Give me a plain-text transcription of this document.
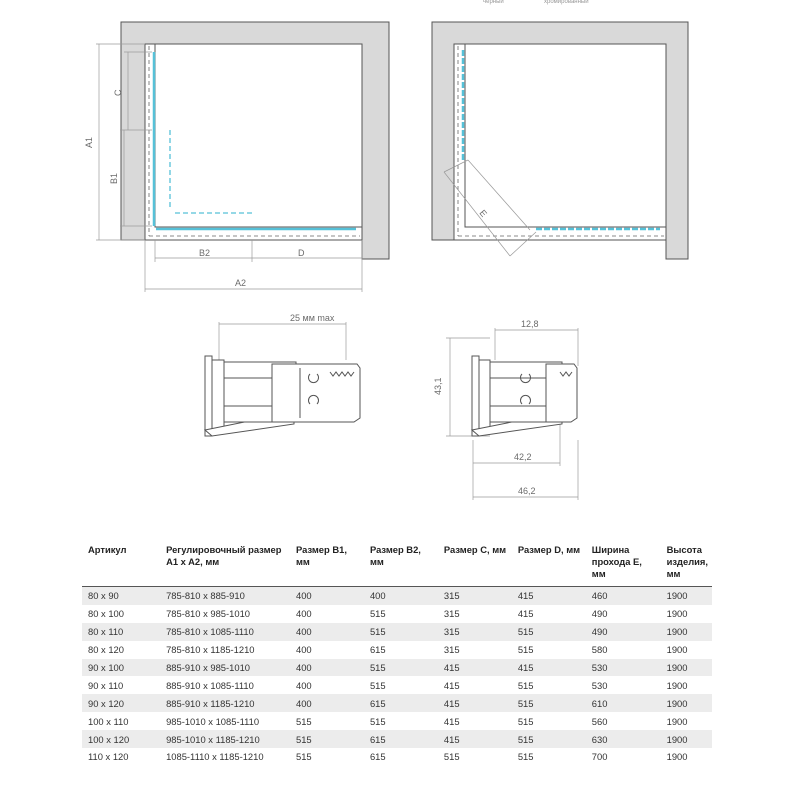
черный	хромированный
A1
C
B1
B2	D
A2
E
25 мм max
12,8
43,1
42,2
46,2
Артикул	Регулировочный размер A1 x A2, мм	Размер B1, мм	Размер B2, мм	Размер C, мм	Размер D, мм	Ширина прохода E, мм	Высота изделия, мм
80 x 90	785-810 x 885-910	400	400	315	415	460	1900
80 x 100	785-810 x 985-1010	400	515	315	415	490	1900
80 x 110	785-810 x 1085-1110	400	515	315	515	490	1900
80 x 120	785-810 x 1185-1210	400	615	315	515	580	1900
90 x 100	885-910 x 985-1010	400	515	415	415	530	1900
90 x 110	885-910 x 1085-1110	400	515	415	515	530	1900
90 x 120	885-910 x 1185-1210	400	615	415	515	610	1900
100 x 110	985-1010 x 1085-1110	515	515	415	515	560	1900
100 x 120	985-1010 x 1185-1210	515	615	415	515	630	1900
110 x 120	1085-1110 x 1185-1210	515	615	515	515	700	1900
